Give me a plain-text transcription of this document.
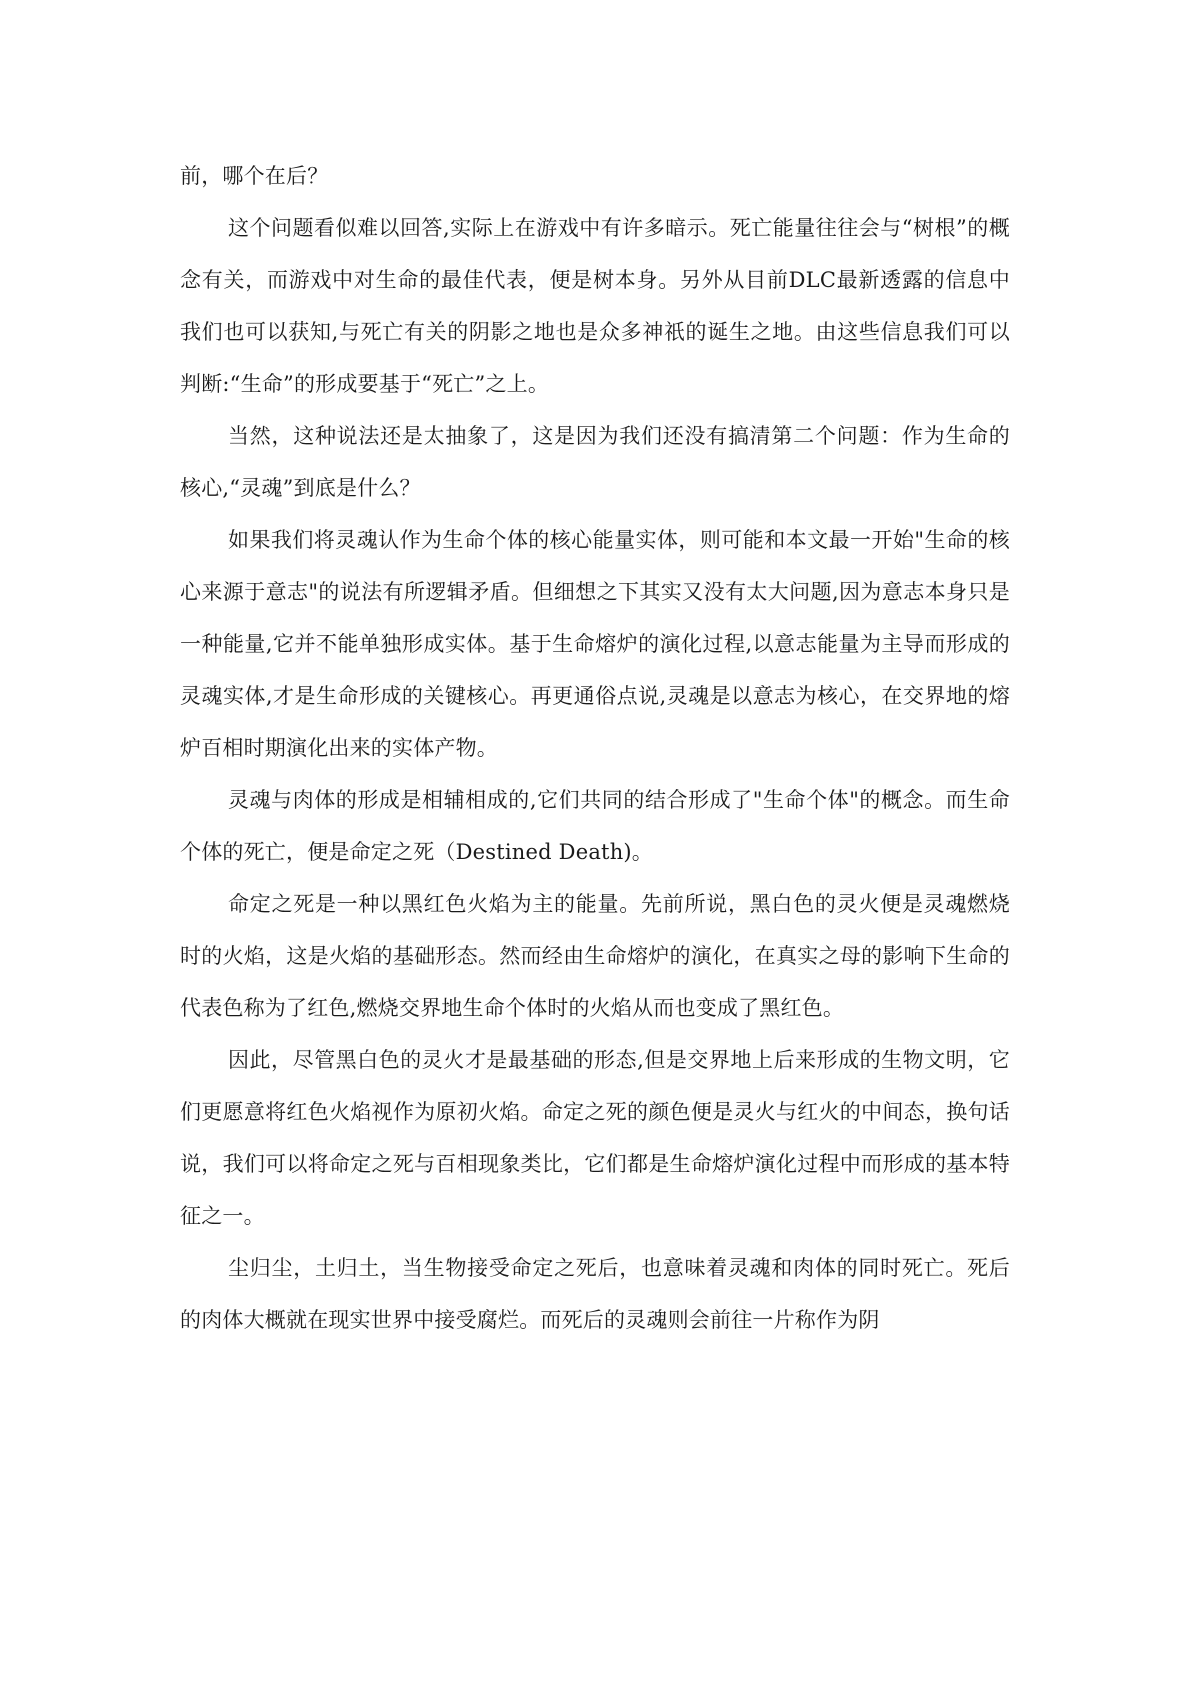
前，哪个在后？

这个问题看似难以回答,实际上在游戏中有许多暗示。死亡能量往往会与“树根”的概念有关，而游戏中对生命的最佳代表，便是树本身。另外从目前DLC最新透露的信息中我们也可以获知,与死亡有关的阴影之地也是众多神祇的诞生之地。由这些信息我们可以判断:“生命”的形成要基于“死亡”之上。

当然，这种说法还是太抽象了，这是因为我们还没有搞清第二个问题：作为生命的核心,“灵魂”到底是什么？

如果我们将灵魂认作为生命个体的核心能量实体，则可能和本文最一开始"生命的核心来源于意志"的说法有所逻辑矛盾。但细想之下其实又没有太大问题,因为意志本身只是一种能量,它并不能单独形成实体。基于生命熔炉的演化过程,以意志能量为主导而形成的灵魂实体,才是生命形成的关键核心。再更通俗点说,灵魂是以意志为核心，在交界地的熔炉百相时期演化出来的实体产物。

灵魂与肉体的形成是相辅相成的,它们共同的结合形成了"生命个体"的概念。而生命个体的死亡，便是命定之死（Destined Death)。

命定之死是一种以黑红色火焰为主的能量。先前所说，黑白色的灵火便是灵魂燃烧时的火焰，这是火焰的基础形态。然而经由生命熔炉的演化，在真实之母的影响下生命的代表色称为了红色,燃烧交界地生命个体时的火焰从而也变成了黑红色。

因此，尽管黑白色的灵火才是最基础的形态,但是交界地上后来形成的生物文明，它们更愿意将红色火焰视作为原初火焰。命定之死的颜色便是灵火与红火的中间态，换句话说，我们可以将命定之死与百相现象类比，它们都是生命熔炉演化过程中而形成的基本特征之一。

尘归尘，土归土，当生物接受命定之死后，也意味着灵魂和肉体的同时死亡。死后的肉体大概就在现实世界中接受腐烂。而死后的灵魂则会前往一片称作为阴
